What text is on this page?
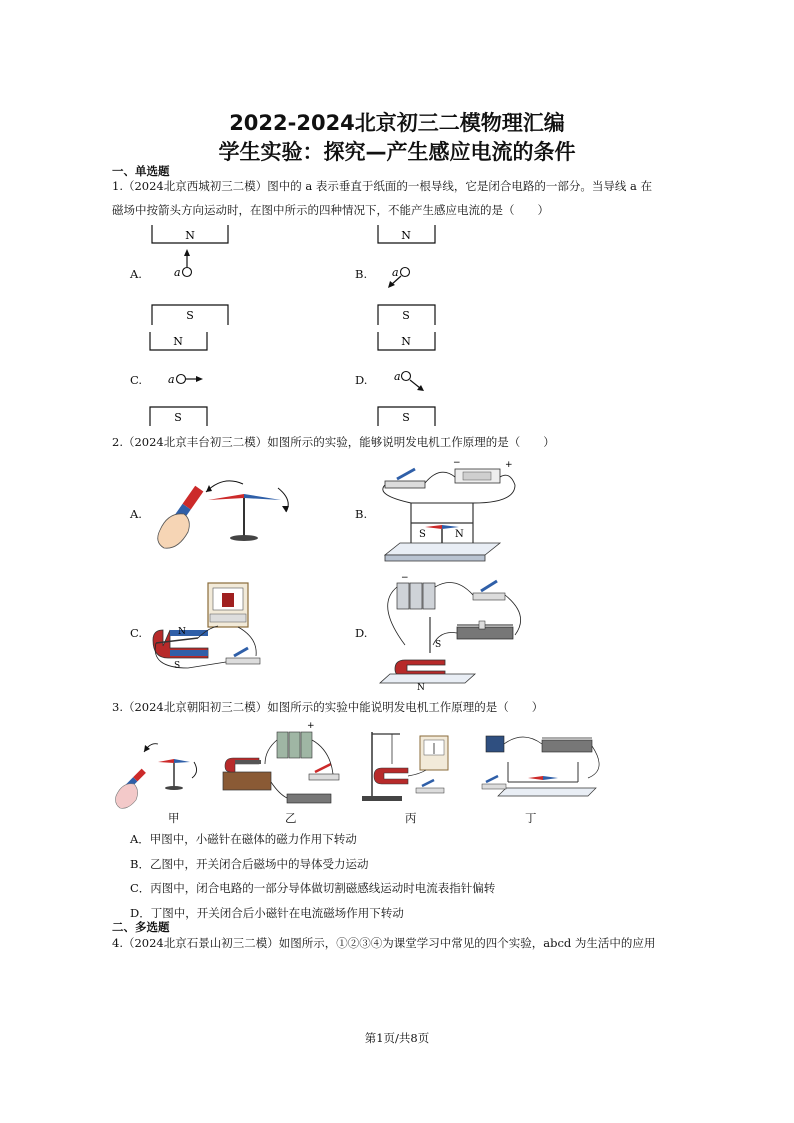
2022-2024北京初三二模物理汇编
学生实验：探究—产生感应电流的条件
一、单选题
1.（2024北京西城初三二模）图中的 a 表示垂直于纸面的一根导线，它是闭合电路的一部分。当导线 a 在
磁场中按箭头方向运动时，在图中所示的四种情况下，不能产生感应电流的是（　　）
A.	B.
C.	D.
N
a
S
N
a
S
N
a
S
N
a
S
2.（2024北京丰台初三二模）如图所示的实验，能够说明发电机工作原理的是（　　）
A.	B.
C.	D.
−	+
S	N
N
S
−
S
N
3.（2024北京朝阳初三二模）如图所示的实验中能说明发电机工作原理的是（　　）
+
甲	乙	丙	丁
A．甲图中，小磁针在磁体的磁力作用下转动
B．乙图中，开关闭合后磁场中的导体受力运动
C．丙图中，闭合电路的一部分导体做切割磁感线运动时电流表指针偏转
D．丁图中，开关闭合后小磁针在电流磁场作用下转动
二、多选题
4.（2024北京石景山初三二模）如图所示，①②③④为课堂学习中常见的四个实验，abcd 为生活中的应用
第1页/共8页
